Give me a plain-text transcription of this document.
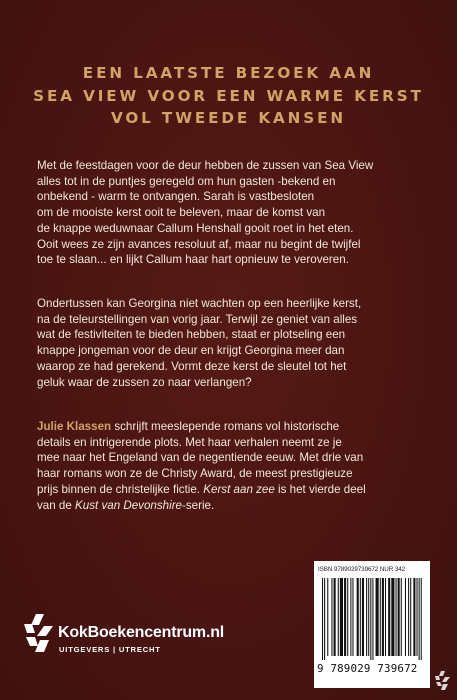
EEN LAATSTE BEZOEK AAN
SEA VIEW VOOR EEN WARME KERST
VOL TWEEDE KANSEN
Met de feestdagen voor de deur hebben de zussen van Sea View
alles tot in de puntjes geregeld om hun gasten -bekend en
onbekend - warm te ontvangen. Sarah is vastbesloten
om de mooiste kerst ooit te beleven, maar de komst van
de knappe weduwnaar Callum Henshall gooit roet in het eten.
Ooit wees ze zijn avances resoluut af, maar nu begint de twijfel
toe te slaan... en lijkt Callum haar hart opnieuw te veroveren.
Ondertussen kan Georgina niet wachten op een heerlijke kerst,
na de teleurstellingen van vorig jaar. Terwijl ze geniet van alles
wat de festiviteiten te bieden hebben, staat er plotseling een
knappe jongeman voor de deur en krijgt Georgina meer dan
waarop ze had gerekend. Vormt deze kerst de sleutel tot het
geluk waar de zussen zo naar verlangen?
Julie Klassen schrijft meeslepende romans vol historische
details en intrigerende plots. Met haar verhalen neemt ze je
mee naar het Engeland van de negentiende eeuw. Met drie van
haar romans won ze de Christy Award, de meest prestigieuze
prijs binnen de christelijke fictie. Kerst aan zee is het vierde deel
van de Kust van Devonshire-serie.
KokBoekencentrum.nl
UITGEVERS | UTRECHT
ISBN 9789029739672 NUR 342
9 789029 739672
